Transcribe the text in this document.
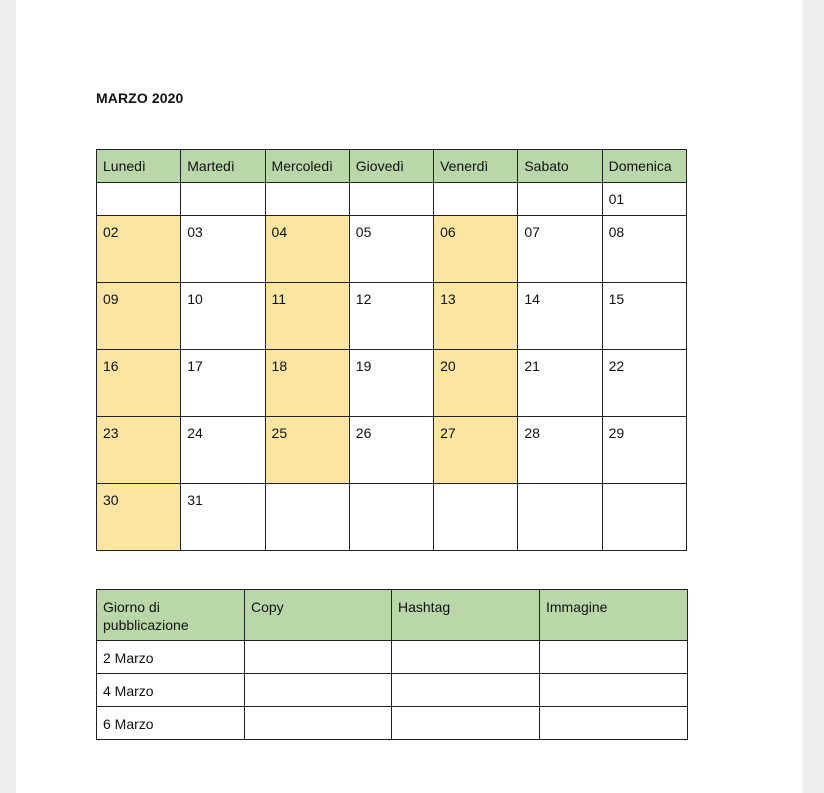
MARZO 2020
Lunedì	Martedì	Mercoledì	Giovedì	Venerdì	Sabato	Domenica
						01
02	03	04	05	06	07	08
09	10	11	12	13	14	15
16	17	18	19	20	21	22
23	24	25	26	27	28	29
30	31					
Giorno di pubblicazione	Copy	Hashtag	Immagine
2 Marzo			
4 Marzo			
6 Marzo			
